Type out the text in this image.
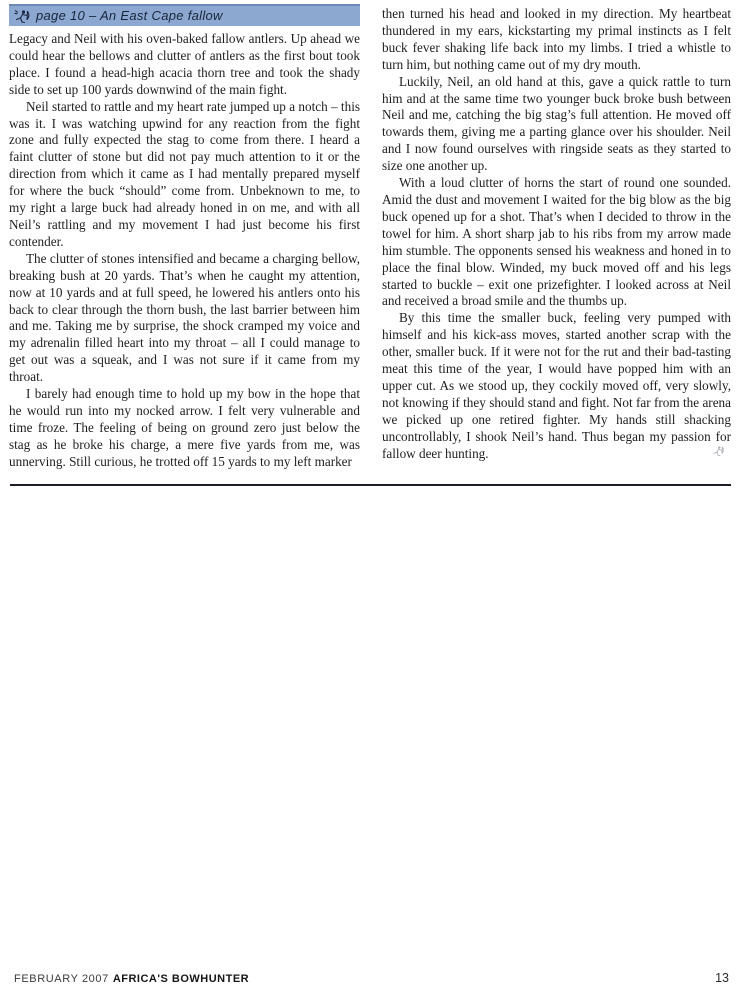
page 10 – An East Cape fallow

Legacy and Neil with his oven-baked fallow antlers. Up ahead we could hear the bellows and clutter of antlers as the first bout took place. I found a head-high acacia thorn tree and took the shady side to set up 100 yards downwind of the main fight.

Neil started to rattle and my heart rate jumped up a notch – this was it. I was watching upwind for any reaction from the fight zone and fully expected the stag to come from there. I heard a faint clutter of stone but did not pay much attention to it or the direction from which it came as I had mentally prepared myself for where the buck “should” come from. Unbeknown to me, to my right a large buck had already honed in on me, and with all Neil’s rattling and my movement I had just become his first contender.

The clutter of stones intensified and became a charging bellow, breaking bush at 20 yards. That’s when he caught my attention, now at 10 yards and at full speed, he lowered his antlers onto his back to clear through the thorn bush, the last barrier between him and me. Taking me by surprise, the shock cramped my voice and my adrenalin filled heart into my throat – all I could manage to get out was a squeak, and I was not sure if it came from my throat.

I barely had enough time to hold up my bow in the hope that he would run into my nocked arrow. I felt very vulnerable and time froze. The feeling of being on ground zero just below the stag as he broke his charge, a mere five yards from me, was unnerving. Still curious, he trotted off 15 yards to my left marker

then turned his head and looked in my direction. My heartbeat thundered in my ears, kickstarting my primal instincts as I felt buck fever shaking life back into my limbs. I tried a whistle to turn him, but nothing came out of my dry mouth.

Luckily, Neil, an old hand at this, gave a quick rattle to turn him and at the same time two younger buck broke bush between Neil and me, catching the big stag’s full attention. He moved off towards them, giving me a parting glance over his shoulder. Neil and I now found ourselves with ringside seats as they started to size one another up.

With a loud clutter of horns the start of round one sounded. Amid the dust and movement I waited for the big blow as the big buck opened up for a shot. That’s when I decided to throw in the towel for him. A short sharp jab to his ribs from my arrow made him stumble. The opponents sensed his weakness and honed in to place the final blow. Winded, my buck moved off and his legs started to buckle – exit one prizefighter. I looked across at Neil and received a broad smile and the thumbs up.

By this time the smaller buck, feeling very pumped with himself and his kick-ass moves, started another scrap with the other, smaller buck. If it were not for the rut and their bad-tasting meat this time of the year, I would have popped him with an upper cut. As we stood up, they cockily moved off, very slowly, not knowing if they should stand and fight. Not far from the arena we picked up one retired fighter. My hands still shacking uncontrollably, I shook Neil’s hand. Thus began my passion for fallow deer hunting.

FEBRUARY 2007 AFRICA'S BOWHUNTER	13
